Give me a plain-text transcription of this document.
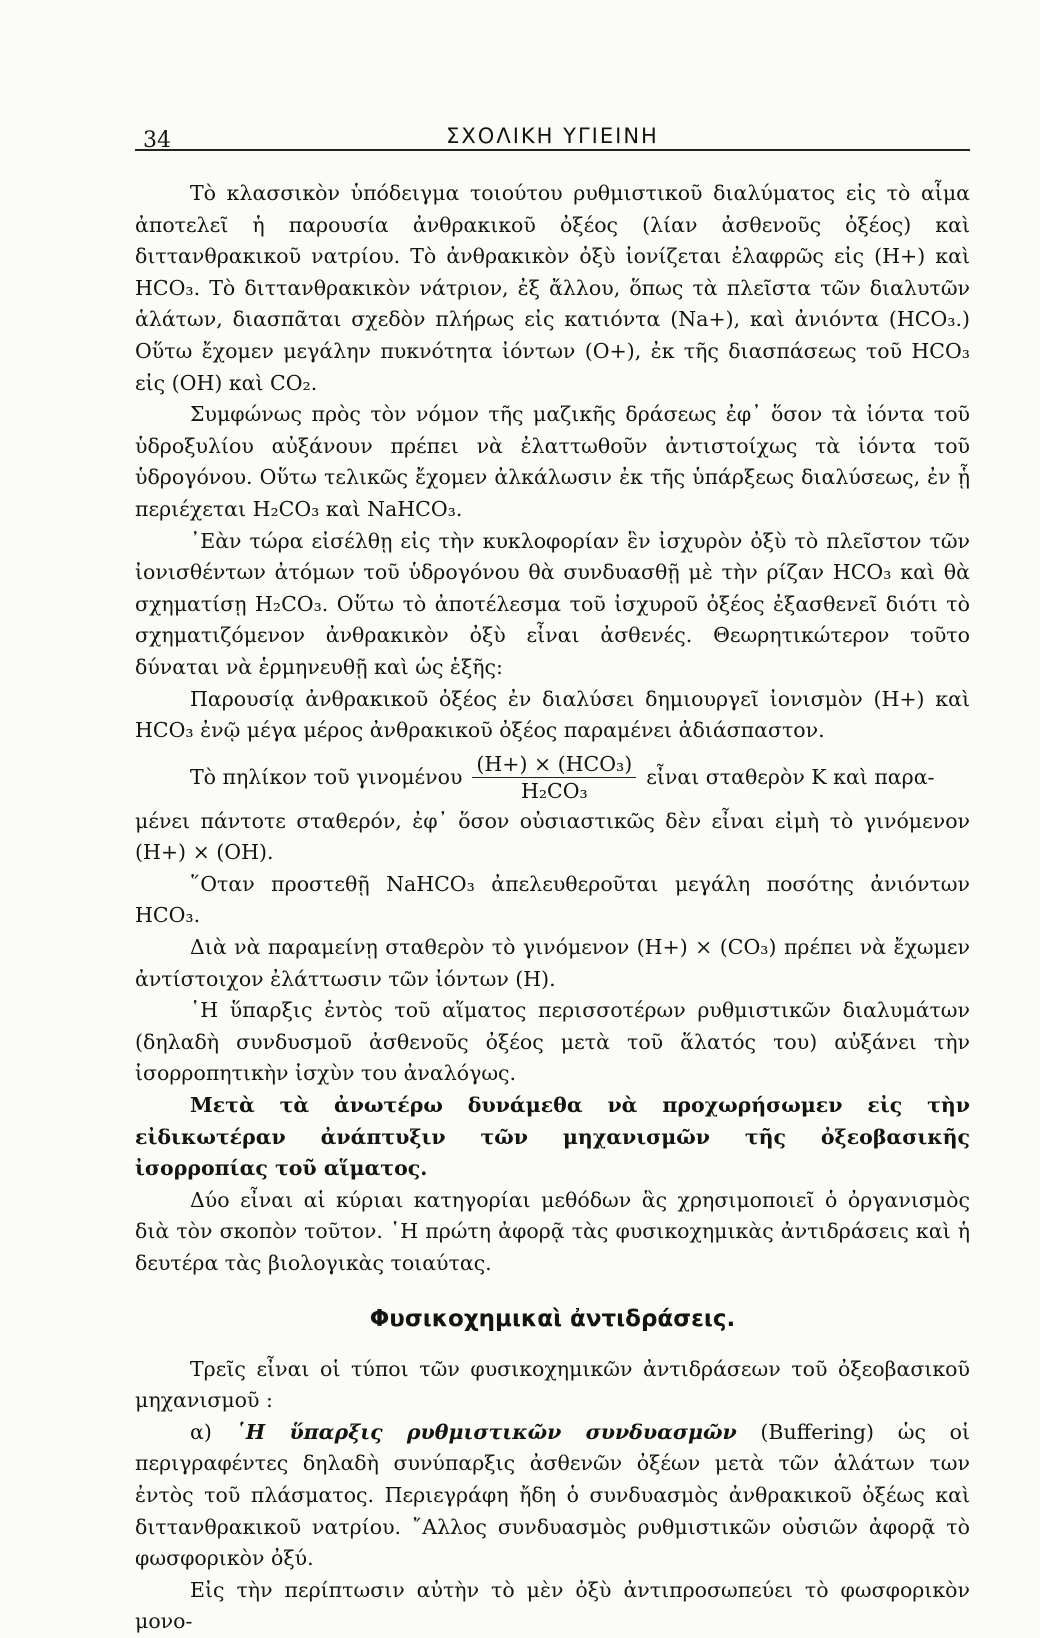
34	ΣΧΟΛΙΚΗ ΥΓΙΕΙΝΗ

Τὸ κλασσικὸν ὑπόδειγμα τοιούτου ρυθμιστικοῦ διαλύματος εἰς τὸ αἷμα ἀποτελεῖ ἡ παρουσία ἀνθρακικοῦ ὀξέος (λίαν ἀσθενοῦς ὀξέος) καὶ διττανθρακικοῦ νατρίου. Τὸ ἀνθρακικὸν ὀξὺ ἰονίζεται ἐλαφρῶς εἰς (H+) καὶ HCO₃. Τὸ διττανθρακικὸν νάτριον, ἐξ ἄλλου, ὅπως τὰ πλεῖστα τῶν διαλυτῶν ἁλάτων, διασπᾶται σχεδὸν πλήρως εἰς κατιόντα (Na+), καὶ ἀνιόντα (HCO₃.) Οὕτω ἔχομεν μεγάλην πυκνότητα ἰόντων (O+), ἐκ τῆς διασπάσεως τοῦ HCO₃ εἰς (OH) καὶ CO₂.

Συμφώνως πρὸς τὸν νόμον τῆς μαζικῆς δράσεως ἐφ᾽ ὅσον τὰ ἰόντα τοῦ ὑδροξυλίου αὐξάνουν πρέπει νὰ ἐλαττωθοῦν ἀντιστοίχως τὰ ἰόντα τοῦ ὑδρογόνου. Οὕτω τελικῶς ἔχομεν ἀλκάλωσιν ἐκ τῆς ὑπάρξεως διαλύσεως, ἐν ᾗ περιέχεται H₂CO₃ καὶ NaHCO₃.

᾿Εὰν τώρα εἰσέλθῃ εἰς τὴν κυκλοφορίαν ἓν ἰσχυρὸν ὀξὺ τὸ πλεῖστον τῶν ἰονισθέντων ἀτόμων τοῦ ὑδρογόνου θὰ συνδυασθῇ μὲ τὴν ρίζαν HCO₃ καὶ θὰ σχηματίσῃ H₂CO₃. Οὕτω τὸ ἀποτέλεσμα τοῦ ἰσχυροῦ ὀξέος ἐξασθενεῖ διότι τὸ σχηματιζόμενον ἀνθρακικὸν ὀξὺ εἶναι ἀσθενές. Θεωρητικώτερον τοῦτο δύναται νὰ ἑρμηνευθῇ καὶ ὡς ἑξῆς:

Παρουσίᾳ ἀνθρακικοῦ ὀξέος ἐν διαλύσει δημιουργεῖ ἰονισμὸν (H+) καὶ HCO₃ ἐνῷ μέγα μέρος ἀνθρακικοῦ ὀξέος παραμένει ἀδιάσπαστον.

Τὸ πηλίκον τοῦ γινομένου $\frac{\text{(H+) × (HCO₃)}}{\text{H₂CO₃}}$ εἶναι σταθερὸν K καὶ παρα-

μένει πάντοτε σταθερόν, ἐφ᾽ ὅσον οὐσιαστικῶς δὲν εἶναι εἰμὴ τὸ γινόμενον (H+) × (OH).

῞Οταν προστεθῇ NaHCO₃ ἀπελευθεροῦται μεγάλη ποσότης ἀνιόντων HCO₃.

Διὰ νὰ παραμείνῃ σταθερὸν τὸ γινόμενον (H+) × (CO₃) πρέπει νὰ ἔχωμεν ἀντίστοιχον ἐλάττωσιν τῶν ἰόντων (H).

῾Η ὕπαρξις ἐντὸς τοῦ αἵματος περισσοτέρων ρυθμιστικῶν διαλυμάτων (δηλαδὴ συνδυσμοῦ ἀσθενοῦς ὀξέος μετὰ τοῦ ἅλατός του) αὐξάνει τὴν ἰσορροπητικὴν ἰσχὺν του ἀναλόγως.

Μετὰ τὰ ἀνωτέρω δυνάμεθα νὰ προχωρήσωμεν εἰς τὴν εἰδικωτέραν ἀνάπτυξιν τῶν μηχανισμῶν τῆς ὀξεοβασικῆς ἰσορροπίας τοῦ αἵματος.

Δύο εἶναι αἱ κύριαι κατηγορίαι μεθόδων ἃς χρησιμοποιεῖ ὁ ὀργανισμὸς διὰ τὸν σκοπὸν τοῦτον. ῾Η πρώτη ἀφορᾷ τὰς φυσικοχημικὰς ἀντιδράσεις καὶ ἡ δευτέρα τὰς βιολογικὰς τοιαύτας.

Φυσικοχημικαὶ ἀντιδράσεις.

Τρεῖς εἶναι οἱ τύποι τῶν φυσικοχημικῶν ἀντιδράσεων τοῦ ὀξεοβασικοῦ μηχανισμοῦ :

α) ῾Η ὕπαρξις ρυθμιστικῶν συνδυασμῶν (Buffering) ὡς οἱ περιγραφέντες δηλαδὴ συνύπαρξις ἀσθενῶν ὀξέων μετὰ τῶν ἁλάτων των ἐντὸς τοῦ πλάσματος. Περιεγράφη ἤδη ὁ συνδυασμὸς ἀνθρακικοῦ ὀξέως καὶ διττανθρακικοῦ νατρίου. ῎Αλλος συνδυασμὸς ρυθμιστικῶν οὐσιῶν ἀφορᾷ τὸ φωσφορικὸν ὀξύ.

Εἰς τὴν περίπτωσιν αὐτὴν τὸ μὲν ὀξὺ ἀντιπροσωπεύει τὸ φωσφορικὸν μονο-
